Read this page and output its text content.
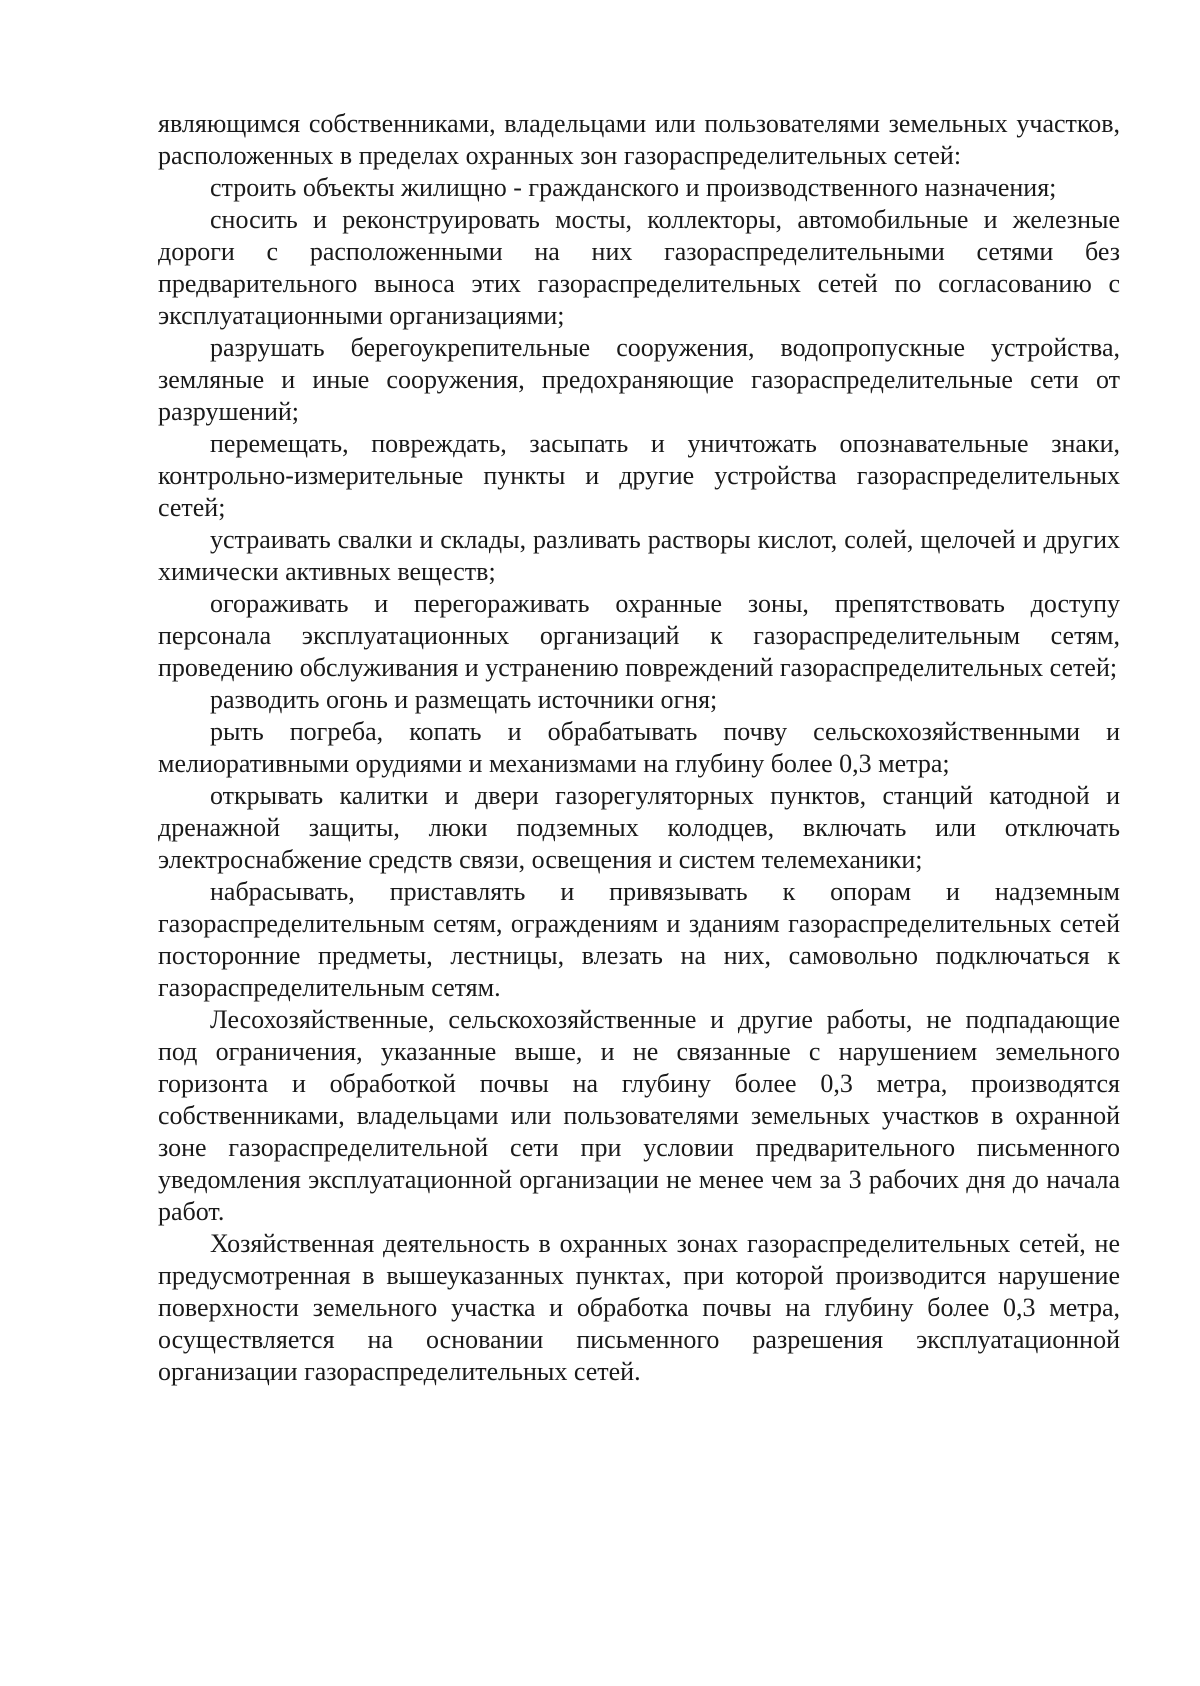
являющимся собственниками, владельцами или пользователями земельных участков, расположенных в пределах охранных зон газораспределительных сетей:

строить объекты жилищно - гражданского и производственного назначения;

сносить и реконструировать мосты, коллекторы, автомобильные и железные дороги с расположенными на них газораспределительными сетями без предварительного выноса этих газораспределительных сетей по согласованию с эксплуатационными организациями;

разрушать берегоукрепительные сооружения, водопропускные устройства, земляные и иные сооружения, предохраняющие газораспределительные сети от разрушений;

перемещать, повреждать, засыпать и уничтожать опознавательные знаки, контрольно-измерительные пункты и другие устройства газораспределительных сетей;

устраивать свалки и склады, разливать растворы кислот, солей, щелочей и других химически активных веществ;

огораживать и перегораживать охранные зоны, препятствовать доступу персонала эксплуатационных организаций к газораспределительным сетям, проведению обслуживания и устранению повреждений газораспределительных сетей;

разводить огонь и размещать источники огня;

рыть погреба, копать и обрабатывать почву сельскохозяйственными и мелиоративными орудиями и механизмами на глубину более 0,3 метра;

открывать калитки и двери газорегуляторных пунктов, станций катодной и дренажной защиты, люки подземных колодцев, включать или отключать электроснабжение средств связи, освещения и систем телемеханики;

набрасывать, приставлять и привязывать к опорам и надземным газораспределительным сетям, ограждениям и зданиям газораспределительных сетей посторонние предметы, лестницы, влезать на них, самовольно подключаться к газораспределительным сетям.

Лесохозяйственные, сельскохозяйственные и другие работы, не подпадающие под ограничения, указанные выше, и не связанные с нарушением земельного горизонта и обработкой почвы на глубину более 0,3 метра, производятся собственниками, владельцами или пользователями земельных участков в охранной зоне газораспределительной сети при условии предварительного письменного уведомления эксплуатационной организации не менее чем за 3 рабочих дня до начала работ.

Хозяйственная деятельность в охранных зонах газораспределительных сетей, не предусмотренная в вышеуказанных пунктах, при которой производится нарушение поверхности земельного участка и обработка почвы на глубину более 0,3 метра, осуществляется на основании письменного разрешения эксплуатационной организации газораспределительных сетей.
